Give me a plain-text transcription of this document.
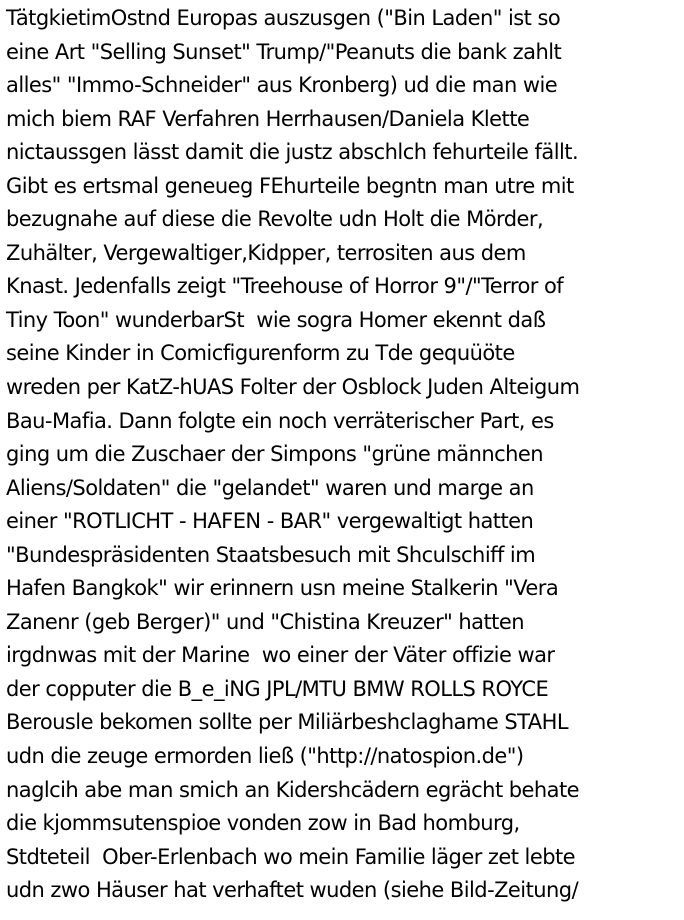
TätgkietimOstnd Europas auszusgen ("Bin Laden" ist so
eine Art "Selling Sunset" Trump/"Peanuts die bank zahlt
alles" "Immo-Schneider" aus Kronberg) ud die man wie
mich biem RAF Verfahren Herrhausen/Daniela Klette
nictaussgen lässt damit die justz abschlch fehurteile fällt.
Gibt es ertsmal geneueg FEhurteile begntn man utre mit
bezugnahe auf diese die Revolte udn Holt die Mörder,
Zuhälter, Vergewaltiger,Kidpper, terrositen aus dem
Knast. Jedenfalls zeigt "Treehouse of Horror 9"/"Terror of
Tiny Toon" wunderbarSt  wie sogra Homer ekennt daß
seine Kinder in Comicfigurenform zu Tde gequüöte
wreden per KatZ-hUAS Folter der Osblock Juden Alteigum
Bau-Mafia. Dann folgte ein noch verräterischer Part, es
ging um die Zuschaer der Simpons "grüne männchen
Aliens/Soldaten" die "gelandet" waren und marge an
einer "ROTLICHT - HAFEN - BAR" vergewaltigt hatten
"Bundespräsidenten Staatsbesuch mit Shculschiff im
Hafen Bangkok" wir erinnern usn meine Stalkerin "Vera
Zanenr (geb Berger)" und "Chistina Kreuzer" hatten
irgdnwas mit der Marine  wo einer der Väter offizie war
der copputer die B_e_iNG JPL/MTU BMW ROLLS ROYCE
Berousle bekomen sollte per Miliärbeshclaghame STAHL
udn die zeuge ermorden ließ ("http://natospion.de")
naglcih abe man smich an Kidershcädern egrächt behate
die kjommsutenspioe vonden zow in Bad homburg,
Stdteteil  Ober-Erlenbach wo mein Familie läger zet lebte
udn zwo Häuser hat verhaftet wuden (siehe Bild-Zeitung/
